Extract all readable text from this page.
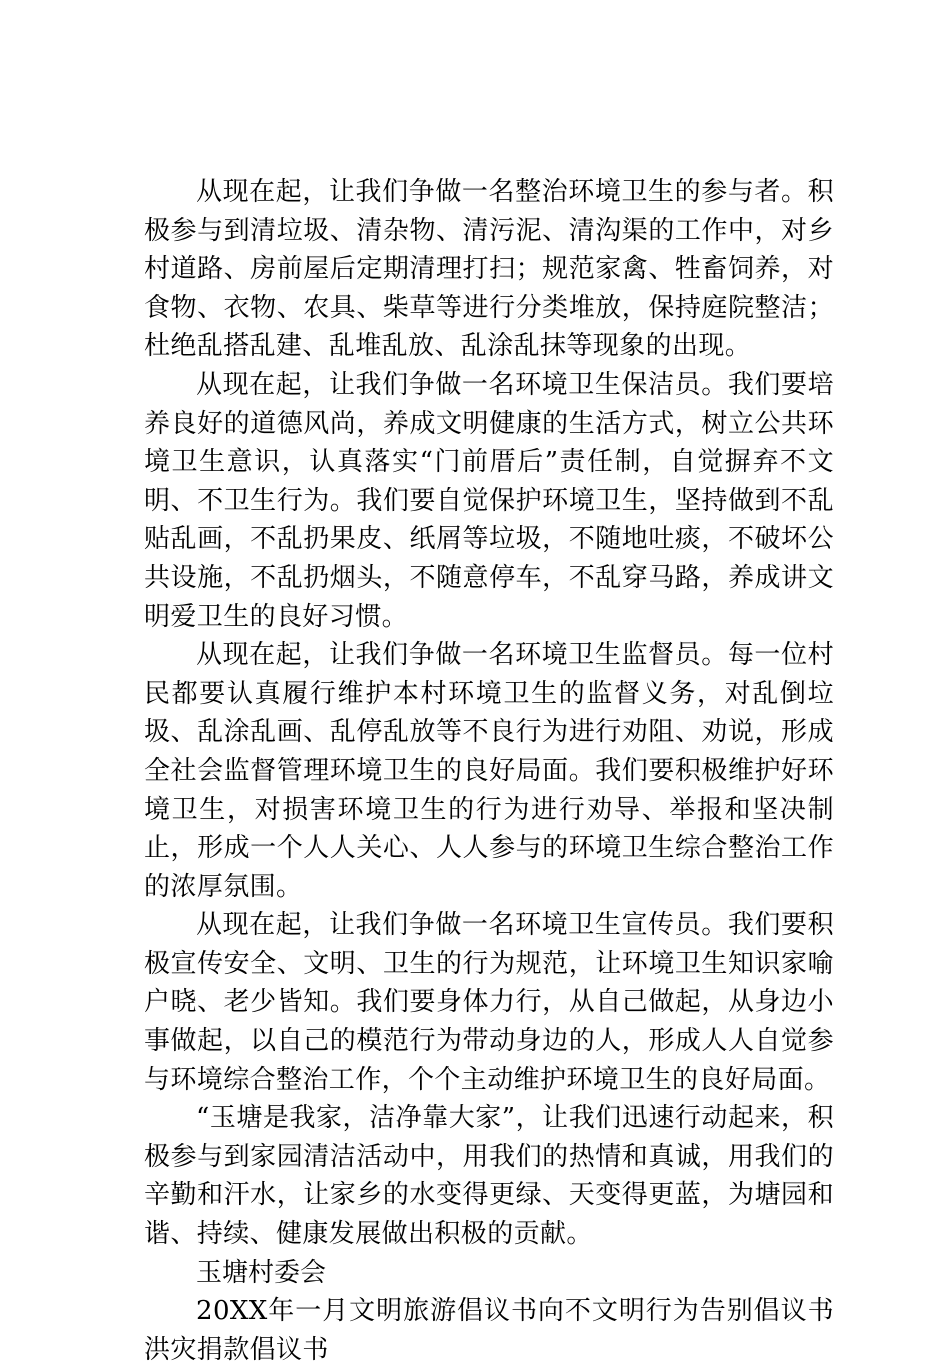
从现在起，让我们争做一名整治环境卫生的参与者。积极参与到清垃圾、清杂物、清污泥、清沟渠的工作中，对乡村道路、房前屋后定期清理打扫；规范家禽、牲畜饲养，对食物、衣物、农具、柴草等进行分类堆放，保持庭院整洁；杜绝乱搭乱建、乱堆乱放、乱涂乱抹等现象的出现。

从现在起，让我们争做一名环境卫生保洁员。我们要培养良好的道德风尚，养成文明健康的生活方式，树立公共环境卫生意识，认真落实“门前厝后”责任制，自觉摒弃不文明、不卫生行为。我们要自觉保护环境卫生，坚持做到不乱贴乱画，不乱扔果皮、纸屑等垃圾，不随地吐痰，不破坏公共设施，不乱扔烟头，不随意停车，不乱穿马路，养成讲文明爱卫生的良好习惯。

从现在起，让我们争做一名环境卫生监督员。每一位村民都要认真履行维护本村环境卫生的监督义务，对乱倒垃圾、乱涂乱画、乱停乱放等不良行为进行劝阻、劝说，形成全社会监督管理环境卫生的良好局面。我们要积极维护好环境卫生，对损害环境卫生的行为进行劝导、举报和坚决制止，形成一个人人关心、人人参与的环境卫生综合整治工作的浓厚氛围。

从现在起，让我们争做一名环境卫生宣传员。我们要积极宣传安全、文明、卫生的行为规范，让环境卫生知识家喻户晓、老少皆知。我们要身体力行，从自己做起，从身边小事做起，以自己的模范行为带动身边的人，形成人人自觉参与环境综合整治工作，个个主动维护环境卫生的良好局面。

“玉塘是我家，洁净靠大家”，让我们迅速行动起来，积极参与到家园清洁活动中，用我们的热情和真诚，用我们的辛勤和汗水，让家乡的水变得更绿、天变得更蓝，为塘园和谐、持续、健康发展做出积极的贡献。

玉塘村委会

20XX年一月文明旅游倡议书向不文明行为告别倡议书洪灾捐款倡议书
